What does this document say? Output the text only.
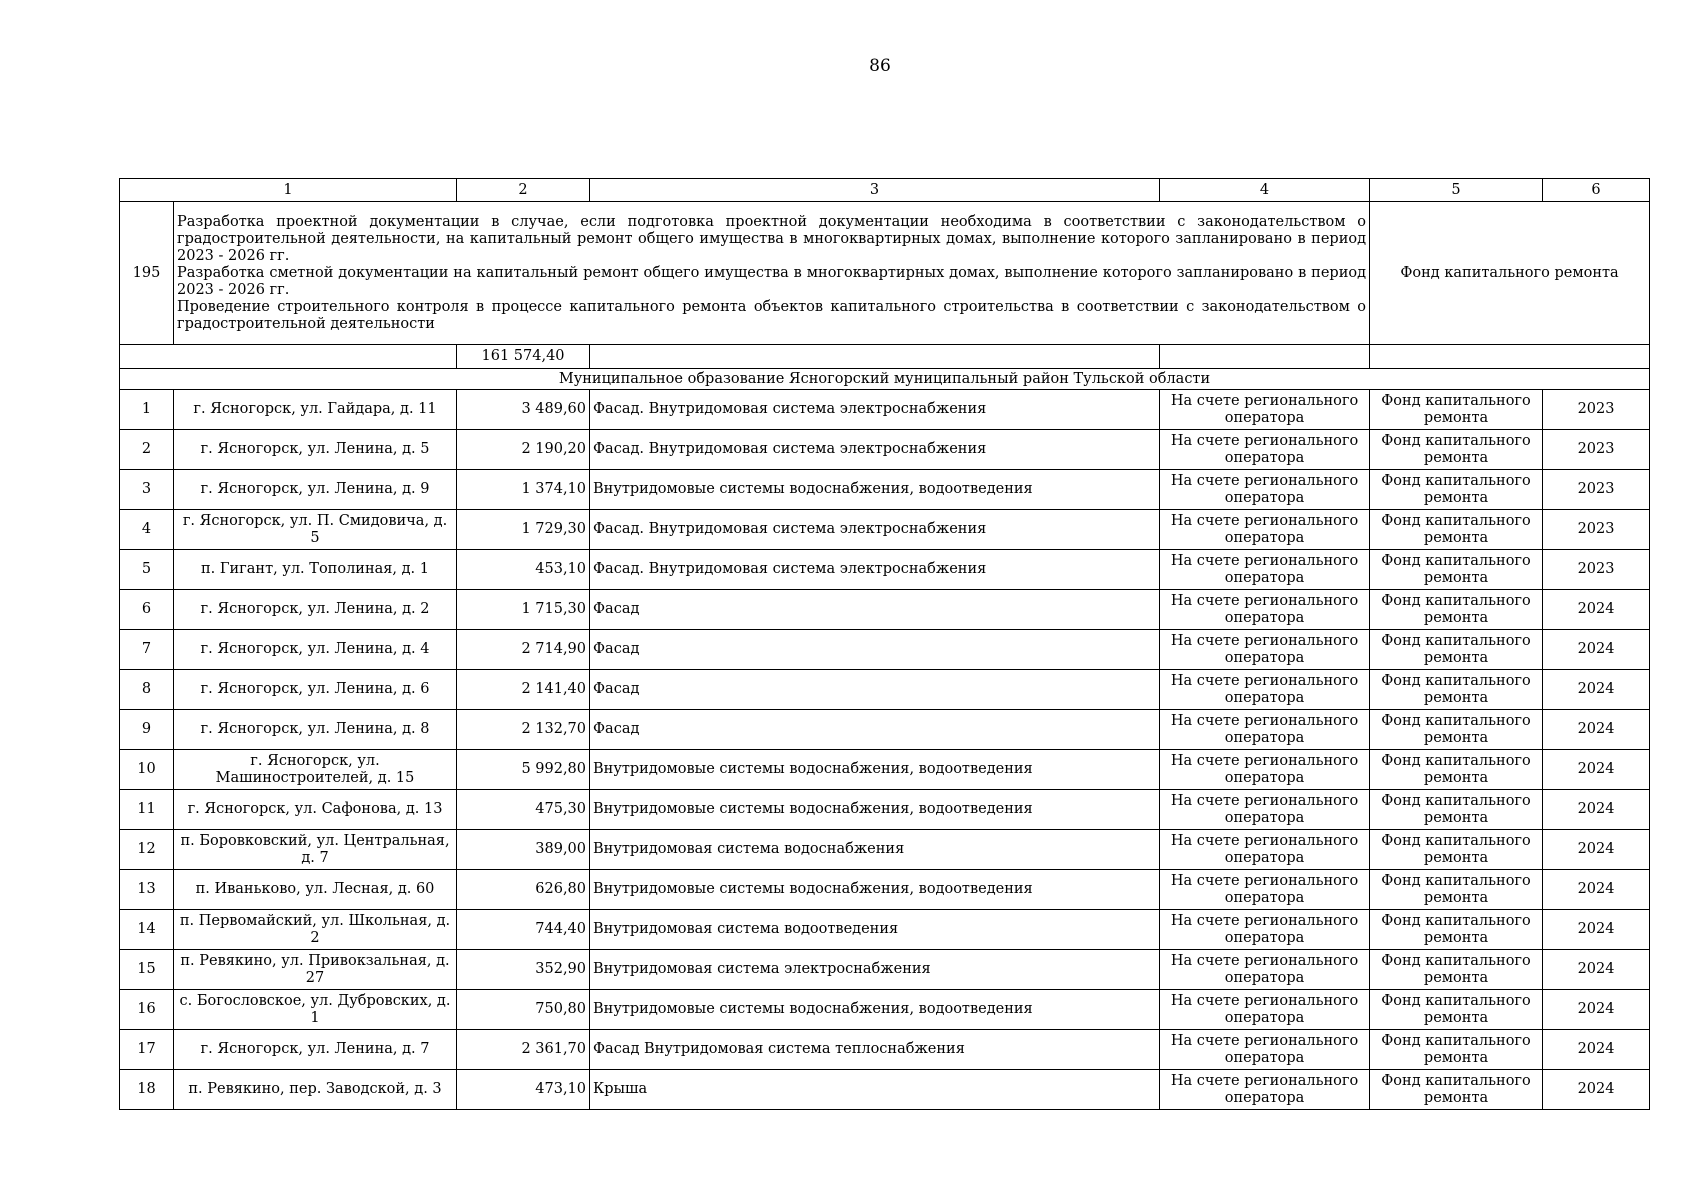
86
1		2	3	4	5	6
195	Разработка проектной документации в случае, если подготовка проектной документации необходима в соответствии с законодательством о градостроительной деятельности, на капитальный ремонт общего имущества в многоквартирных домах, выполнение которого запланировано в период 2023 - 2026 гг.
Разработка сметной документации на капитальный ремонт общего имущества в многоквартирных домах, выполнение которого запланировано в период 2023 - 2026 гг.
Проведение строительного контроля в процессе капитального ремонта объектов капитального строительства в соответствии с законодательством о градостроительной деятельности				Фонд капитального ремонта	
		161 574,40				
Муниципальное образование Ясногорский муниципальный район Тульской области						
1	г. Ясногорск, ул. Гайдара, д. 11	3 489,60	Фасад. Внутридомовая система электроснабжения	На счете регионального оператора	Фонд капитального ремонта	2023
2	г. Ясногорск, ул. Ленина, д. 5	2 190,20	Фасад. Внутридомовая система электроснабжения	На счете регионального оператора	Фонд капитального ремонта	2023
3	г. Ясногорск, ул. Ленина, д. 9	1 374,10	Внутридомовые системы водоснабжения, водоотведения	На счете регионального оператора	Фонд капитального ремонта	2023
4	г. Ясногорск, ул. П. Смидовича, д. 5	1 729,30	Фасад. Внутридомовая система электроснабжения	На счете регионального оператора	Фонд капитального ремонта	2023
5	п. Гигант, ул. Тополиная, д. 1	453,10	Фасад. Внутридомовая система электроснабжения	На счете регионального оператора	Фонд капитального ремонта	2023
6	г. Ясногорск, ул. Ленина, д. 2	1 715,30	Фасад	На счете регионального оператора	Фонд капитального ремонта	2024
7	г. Ясногорск, ул. Ленина, д. 4	2 714,90	Фасад	На счете регионального оператора	Фонд капитального ремонта	2024
8	г. Ясногорск, ул. Ленина, д. 6	2 141,40	Фасад	На счете регионального оператора	Фонд капитального ремонта	2024
9	г. Ясногорск, ул. Ленина, д. 8	2 132,70	Фасад	На счете регионального оператора	Фонд капитального ремонта	2024
10	г. Ясногорск, ул. Машиностроителей, д. 15	5 992,80	Внутридомовые системы водоснабжения, водоотведения	На счете регионального оператора	Фонд капитального ремонта	2024
11	г. Ясногорск, ул. Сафонова, д. 13	475,30	Внутридомовые системы водоснабжения, водоотведения	На счете регионального оператора	Фонд капитального ремонта	2024
12	п. Боровковский, ул. Центральная, д. 7	389,00	Внутридомовая система водоснабжения	На счете регионального оператора	Фонд капитального ремонта	2024
13	п. Иваньково, ул. Лесная, д. 60	626,80	Внутридомовые системы водоснабжения, водоотведения	На счете регионального оператора	Фонд капитального ремонта	2024
14	п. Первомайский, ул. Школьная, д. 2	744,40	Внутридомовая система водоотведения	На счете регионального оператора	Фонд капитального ремонта	2024
15	п. Ревякино, ул. Привокзальная, д. 27	352,90	Внутридомовая система электроснабжения	На счете регионального оператора	Фонд капитального ремонта	2024
16	с. Богословское, ул. Дубровских, д. 1	750,80	Внутридомовые системы водоснабжения, водоотведения	На счете регионального оператора	Фонд капитального ремонта	2024
17	г. Ясногорск, ул. Ленина, д. 7	2 361,70	Фасад Внутридомовая система теплоснабжения	На счете регионального оператора	Фонд капитального ремонта	2024
18	п. Ревякино, пер. Заводской, д. 3	473,10	Крыша	На счете регионального оператора	Фонд капитального ремонта	2024
